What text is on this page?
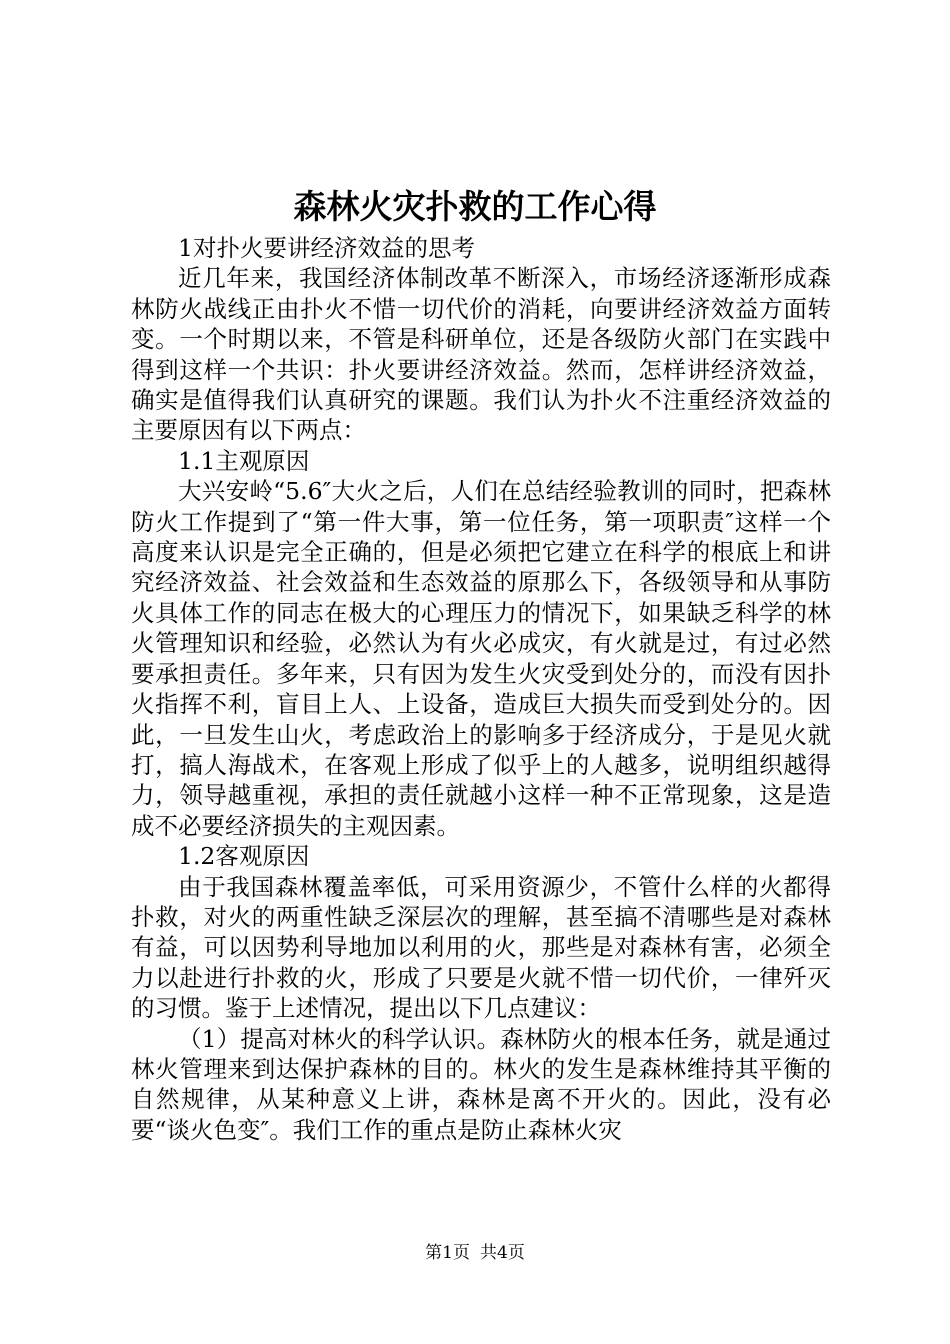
森林火灾扑救的工作心得

1对扑火要讲经济效益的思考

近几年来，我国经济体制改革不断深入，市场经济逐渐形成森林防火战线正由扑火不惜一切代价的消耗，向要讲经济效益方面转变。一个时期以来，不管是科研单位，还是各级防火部门在实践中得到这样一个共识：扑火要讲经济效益。然而，怎样讲经济效益，确实是值得我们认真研究的课题。我们认为扑火不注重经济效益的主要原因有以下两点：

1.1主观原因

大兴安岭“5.6″大火之后，人们在总结经验教训的同时，把森林防火工作提到了“第一件大事，第一位任务，第一项职责″这样一个高度来认识是完全正确的，但是必须把它建立在科学的根底上和讲究经济效益、社会效益和生态效益的原那么下，各级领导和从事防火具体工作的同志在极大的心理压力的情况下，如果缺乏科学的林火管理知识和经验，必然认为有火必成灾，有火就是过，有过必然要承担责任。多年来，只有因为发生火灾受到处分的，而没有因扑火指挥不利，盲目上人、上设备，造成巨大损失而受到处分的。因此，一旦发生山火，考虑政治上的影响多于经济成分，于是见火就打，搞人海战术，在客观上形成了似乎上的人越多，说明组织越得力，领导越重视，承担的责任就越小这样一种不正常现象，这是造成不必要经济损失的主观因素。

1.2客观原因

由于我国森林覆盖率低，可采用资源少，不管什么样的火都得扑救，对火的两重性缺乏深层次的理解，甚至搞不清哪些是对森林有益，可以因势利导地加以利用的火，那些是对森林有害，必须全力以赴进行扑救的火，形成了只要是火就不惜一切代价，一律歼灭的习惯。鉴于上述情况，提出以下几点建议：

（1）提高对林火的科学认识。森林防火的根本任务，就是通过林火管理来到达保护森林的目的。林火的发生是森林维持其平衡的自然规律，从某种意义上讲，森林是离不开火的。因此，没有必要“谈火色变″。我们工作的重点是防止森林火灾

第1页 共4页
